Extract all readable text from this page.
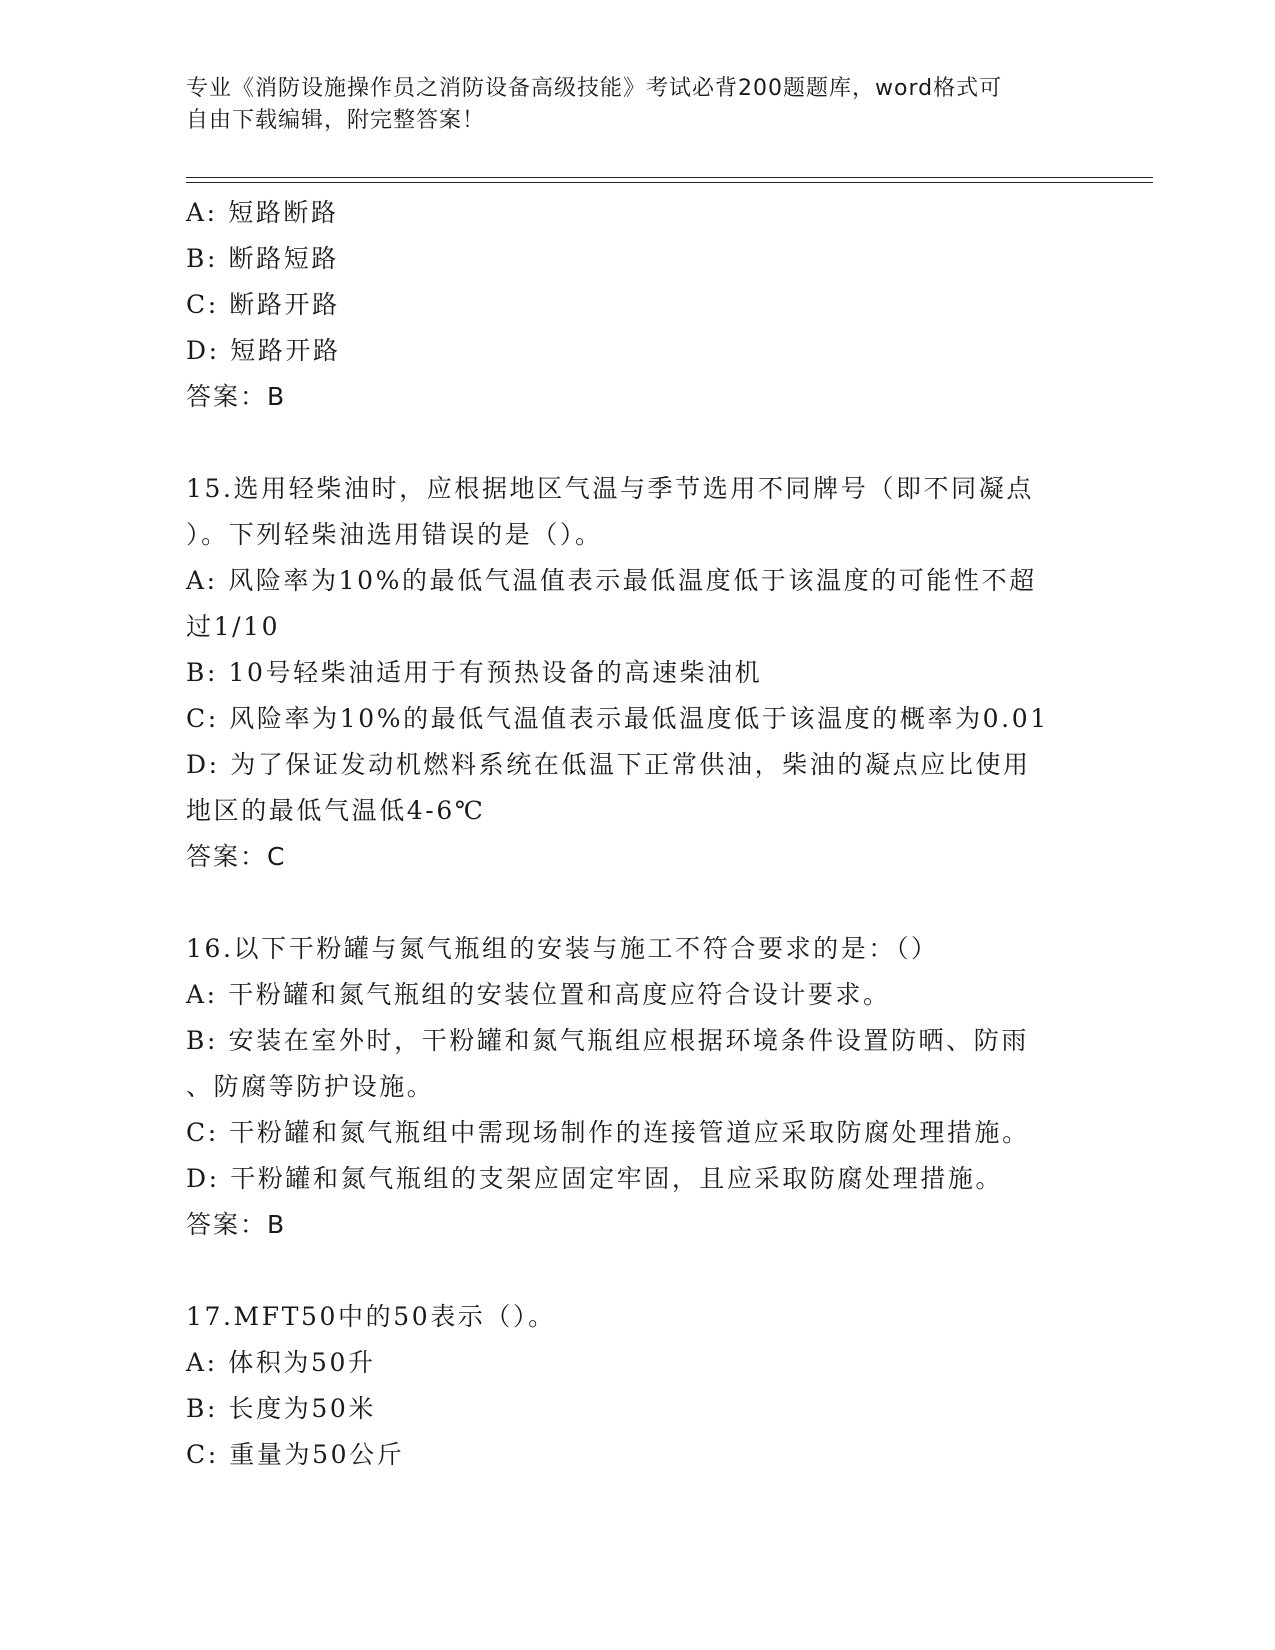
专业《消防设施操作员之消防设备高级技能》考试必背200题题库，word格式可
自由下载编辑，附完整答案！
A: 短路断路
B: 断路短路
C: 断路开路
D: 短路开路
答案：B
15.选用轻柴油时，应根据地区气温与季节选用不同牌号（即不同凝点
）。下列轻柴油选用错误的是（）。
A: 风险率为10%的最低气温值表示最低温度低于该温度的可能性不超
过1/10
B: 10号轻柴油适用于有预热设备的高速柴油机
C: 风险率为10%的最低气温值表示最低温度低于该温度的概率为0.01
D: 为了保证发动机燃料系统在低温下正常供油，柴油的凝点应比使用
地区的最低气温低4-6℃
答案：C
16.以下干粉罐与氮气瓶组的安装与施工不符合要求的是：（）
A: 干粉罐和氮气瓶组的安装位置和高度应符合设计要求。
B: 安装在室外时，干粉罐和氮气瓶组应根据环境条件设置防晒、防雨
、防腐等防护设施。
C: 干粉罐和氮气瓶组中需现场制作的连接管道应采取防腐处理措施。
D: 干粉罐和氮气瓶组的支架应固定牢固，且应采取防腐处理措施。
答案：B
17.MFT50中的50表示（）。
A: 体积为50升
B: 长度为50米
C: 重量为50公斤
